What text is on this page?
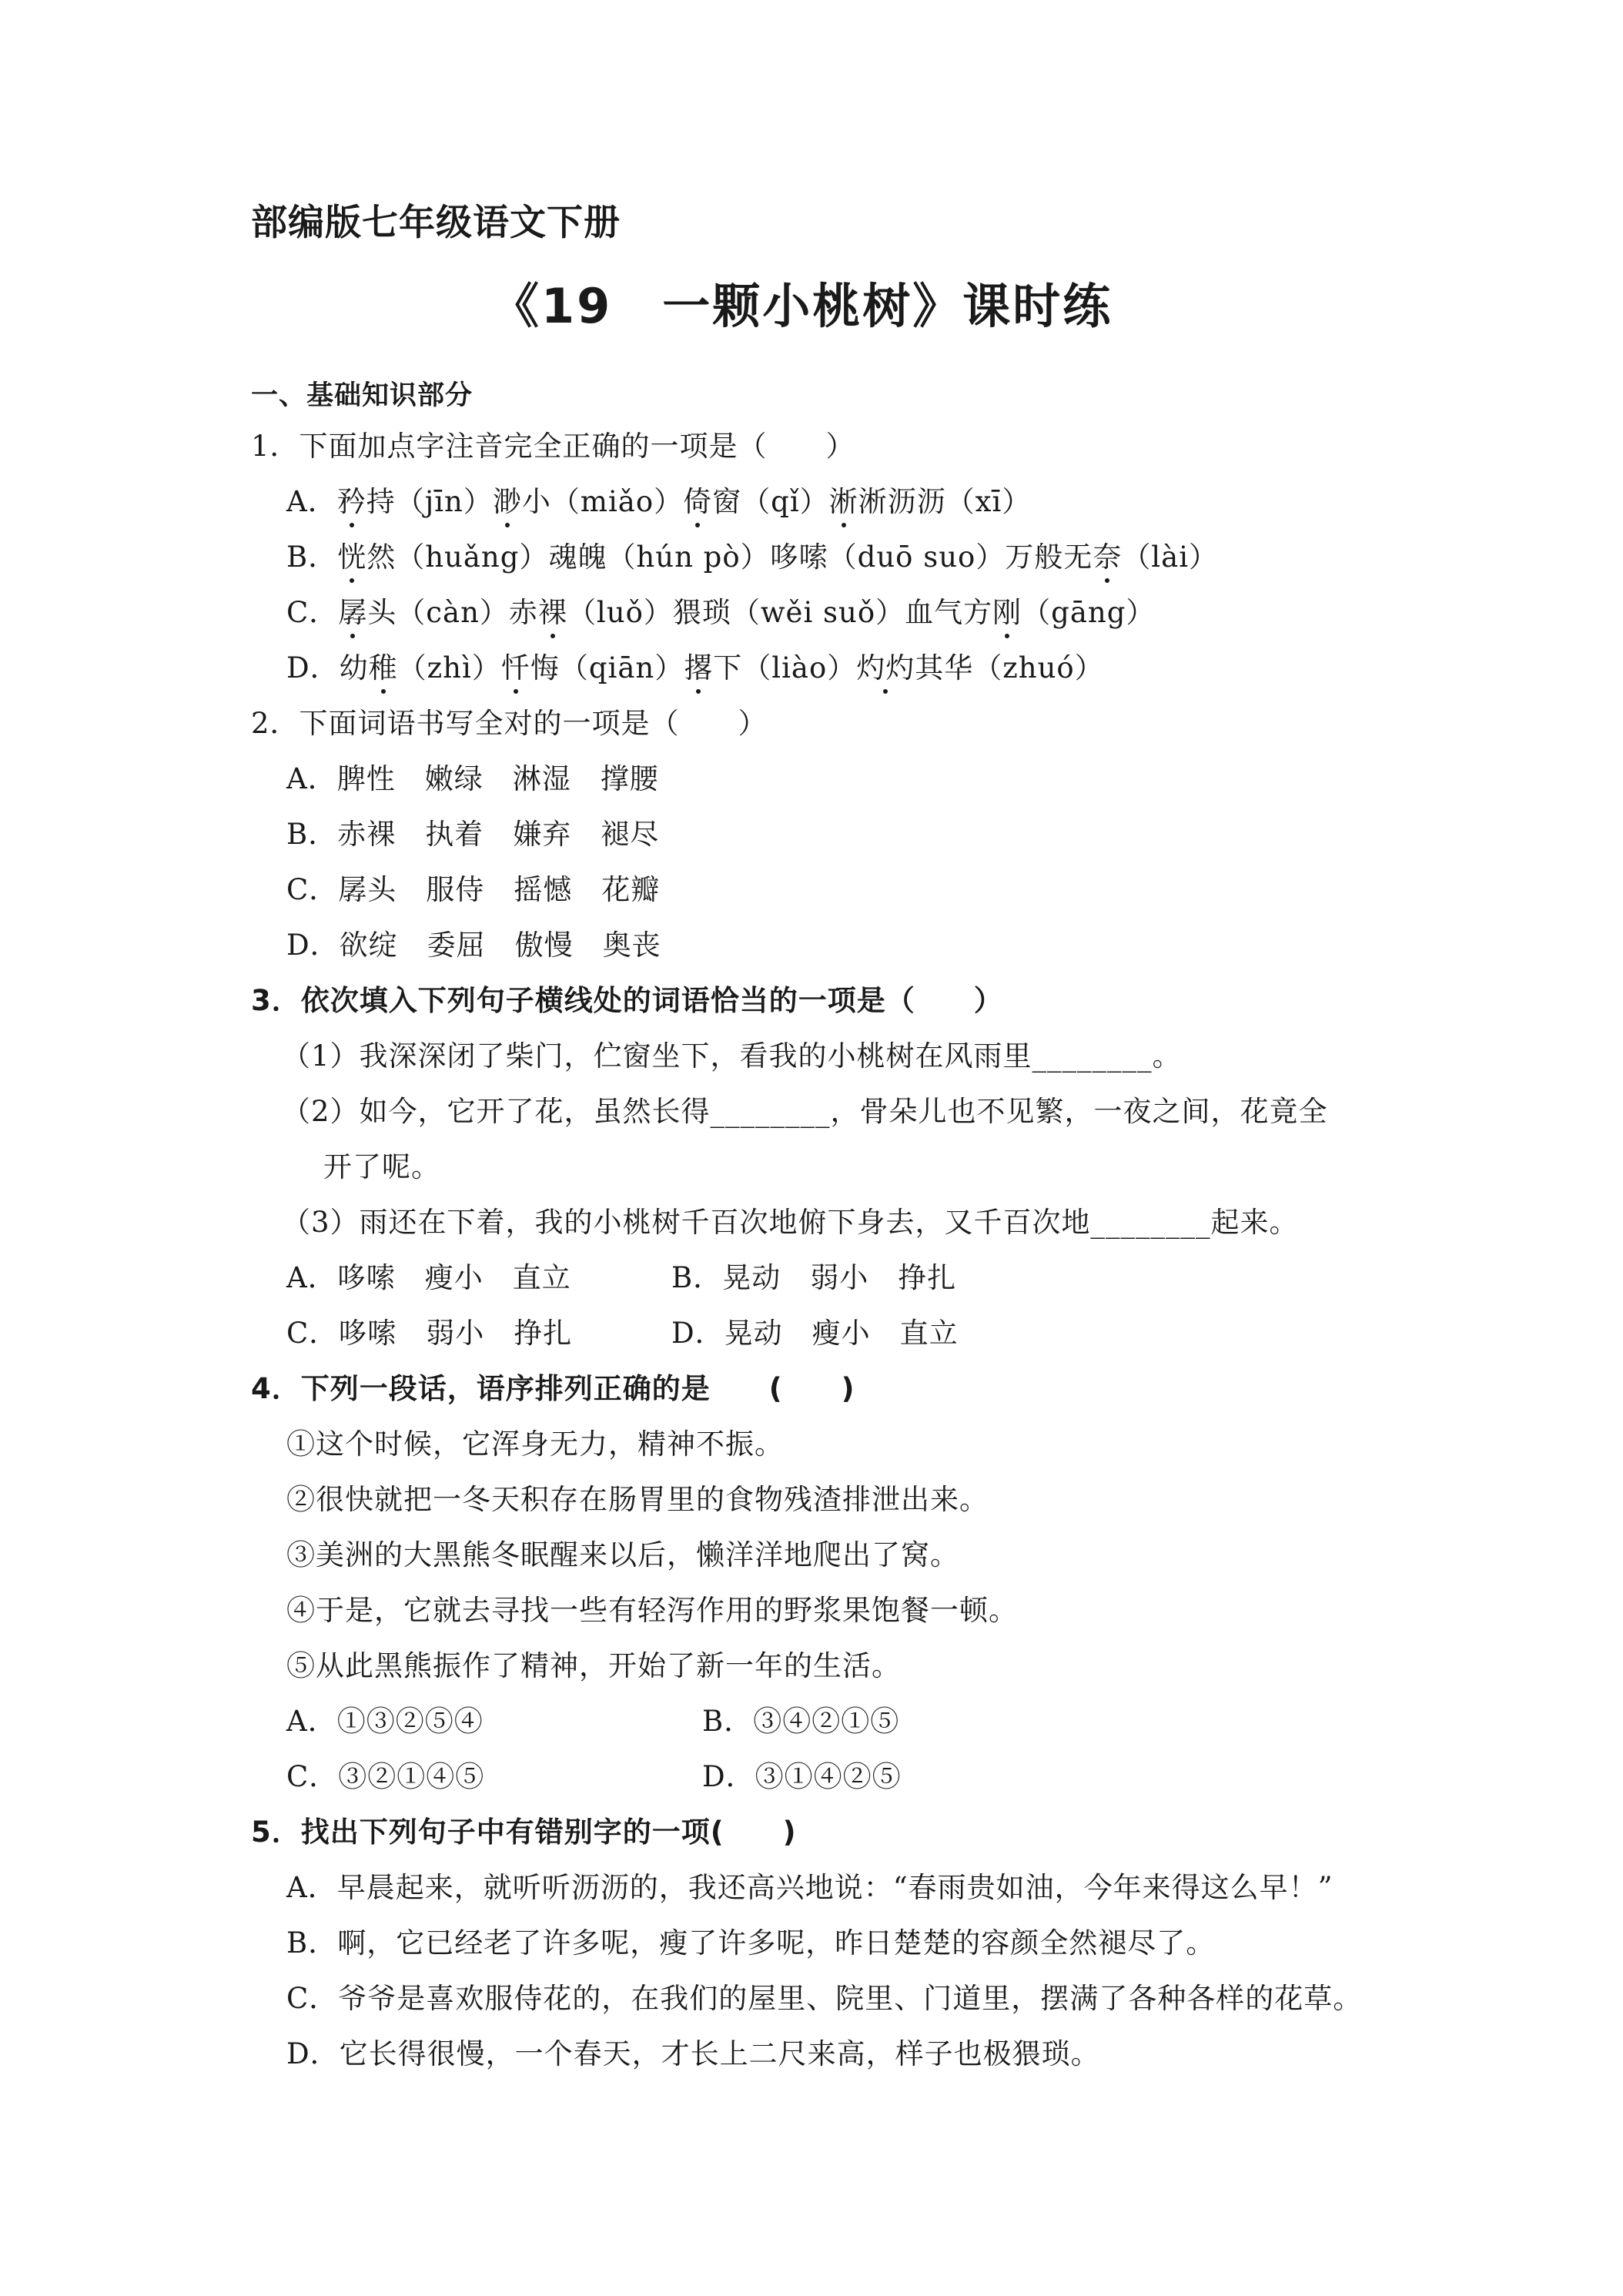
部编版七年级语文下册
《19　一颗小桃树》课时练
一、基础知识部分
1．下面加点字注音完全正确的一项是（　　）
A．矜持（jīn）渺小（miǎo）倚窗（qǐ）淅淅沥沥（xī）
B．恍然（huǎng）魂魄（hún pò）哆嗦（duō suo）万般无奈（lài）
C．孱头（càn）赤裸（luǒ）猥琐（wěi suǒ）血气方刚（gāng）
D．幼稚（zhì）忏悔（qiān）撂下（liào）灼灼其华（zhuó）
2．下面词语书写全对的一项是（　　）
A．脾性　嫩绿　淋湿　撑腰
B．赤裸　执着　嫌弃　褪尽
C．孱头　服侍　摇憾　花瓣
D．欲绽　委屈　傲慢　奥丧
3．依次填入下列句子横线处的词语恰当的一项是（　　）
（1）我深深闭了柴门，伫窗坐下，看我的小桃树在风雨里________。
（2）如今，它开了花，虽然长得________，骨朵儿也不见繁，一夜之间，花竟全
开了呢。
（3）雨还在下着，我的小桃树千百次地俯下身去，又千百次地________起来。
A．哆嗦　瘦小　直立	B．晃动　弱小　挣扎
C．哆嗦　弱小　挣扎	D．晃动　瘦小　直立
4．下列一段话，语序排列正确的是　　(　　)
①这个时候，它浑身无力，精神不振。
②很快就把一冬天积存在肠胃里的食物残渣排泄出来。
③美洲的大黑熊冬眠醒来以后，懒洋洋地爬出了窝。
④于是，它就去寻找一些有轻泻作用的野浆果饱餐一顿。
⑤从此黑熊振作了精神，开始了新一年的生活。
A．①③②⑤④	B．③④②①⑤
C．③②①④⑤	D．③①④②⑤
5．找出下列句子中有错别字的一项(　　)
A．早晨起来，就听听沥沥的，我还高兴地说：“春雨贵如油，今年来得这么早！”
B．啊，它已经老了许多呢，瘦了许多呢，昨日楚楚的容颜全然褪尽了。
C．爷爷是喜欢服侍花的，在我们的屋里、院里、门道里，摆满了各种各样的花草。
D．它长得很慢，一个春天，才长上二尺来高，样子也极猥琐。
